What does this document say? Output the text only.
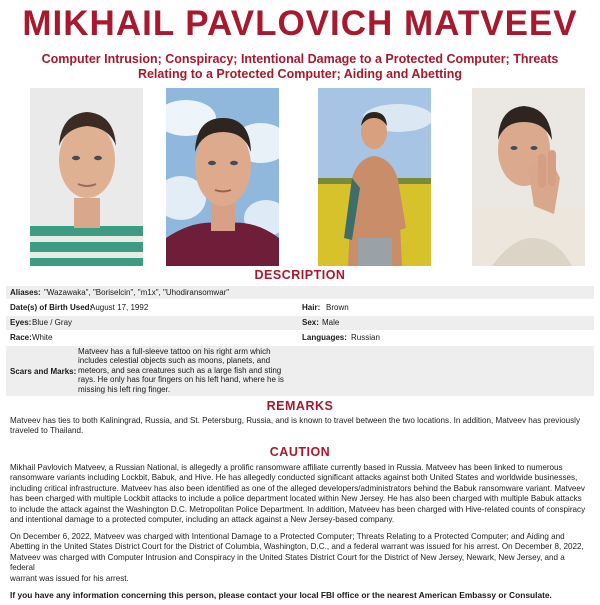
MIKHAIL PAVLOVICH MATVEEV
Computer Intrusion; Conspiracy; Intentional Damage to a Protected Computer; Threats Relating to a Protected Computer; Aiding and Abetting
DESCRIPTION
Aliases: "Wazawaka", "Boriselcin", "m1x", "Uhodiransomwar"
Date(s) of Birth Used:
August 17, 1992	Hair: Brown
Eyes: Blue / Gray	Sex: Male
Race: White	Languages: Russian
Scars and Marks:
Matveev has a full-sleeve tattoo on his right arm which
includes celestial objects such as moons, planets, and
meteors, and sea creatures such as a large fish and sting
rays. He only has four fingers on his left hand, where he is
missing his left ring finger.
REMARKS
Matveev has ties to both Kaliningrad, Russia, and St. Petersburg, Russia, and is known to travel between the two locations. In addition, Matveev has previously
traveled to Thailand.
CAUTION
Mikhail Pavlovich Matveev, a Russian National, is allegedly a prolific ransomware affiliate currently based in Russia. Matveev has been linked to numerous
ransomware variants including Lockbit, Babuk, and Hive. He has allegedly conducted significant attacks against both United States and worldwide businesses,
including critical infrastructure. Matveev has also been identified as one of the alleged developers/administrators behind the Babuk ransomware variant. Matveev
has been charged with multiple Lockbit attacks to include a police department located within New Jersey. He has also been charged with multiple Babuk attacks
to include the attack against the Washington D.C. Metropolitan Police Department. In addition, Matveev has been charged with Hive-related counts of conspiracy
and intentional damage to a protected computer, including an attack against a New Jersey-based company.
On December 6, 2022, Matveev was charged with Intentional Damage to a Protected Computer; Threats Relating to a Protected Computer; and Aiding and
Abetting in the United States District Court for the District of Columbia, Washington, D.C., and a federal warrant was issued for his arrest. On December 8, 2022,
Matveev was charged with Computer Intrusion and Conspiracy in the United States District Court for the District of New Jersey, Newark, New Jersey, and a federal
warrant was issued for his arrest.
If you have any information concerning this person, please contact your local FBI office or the nearest American Embassy or Consulate.
